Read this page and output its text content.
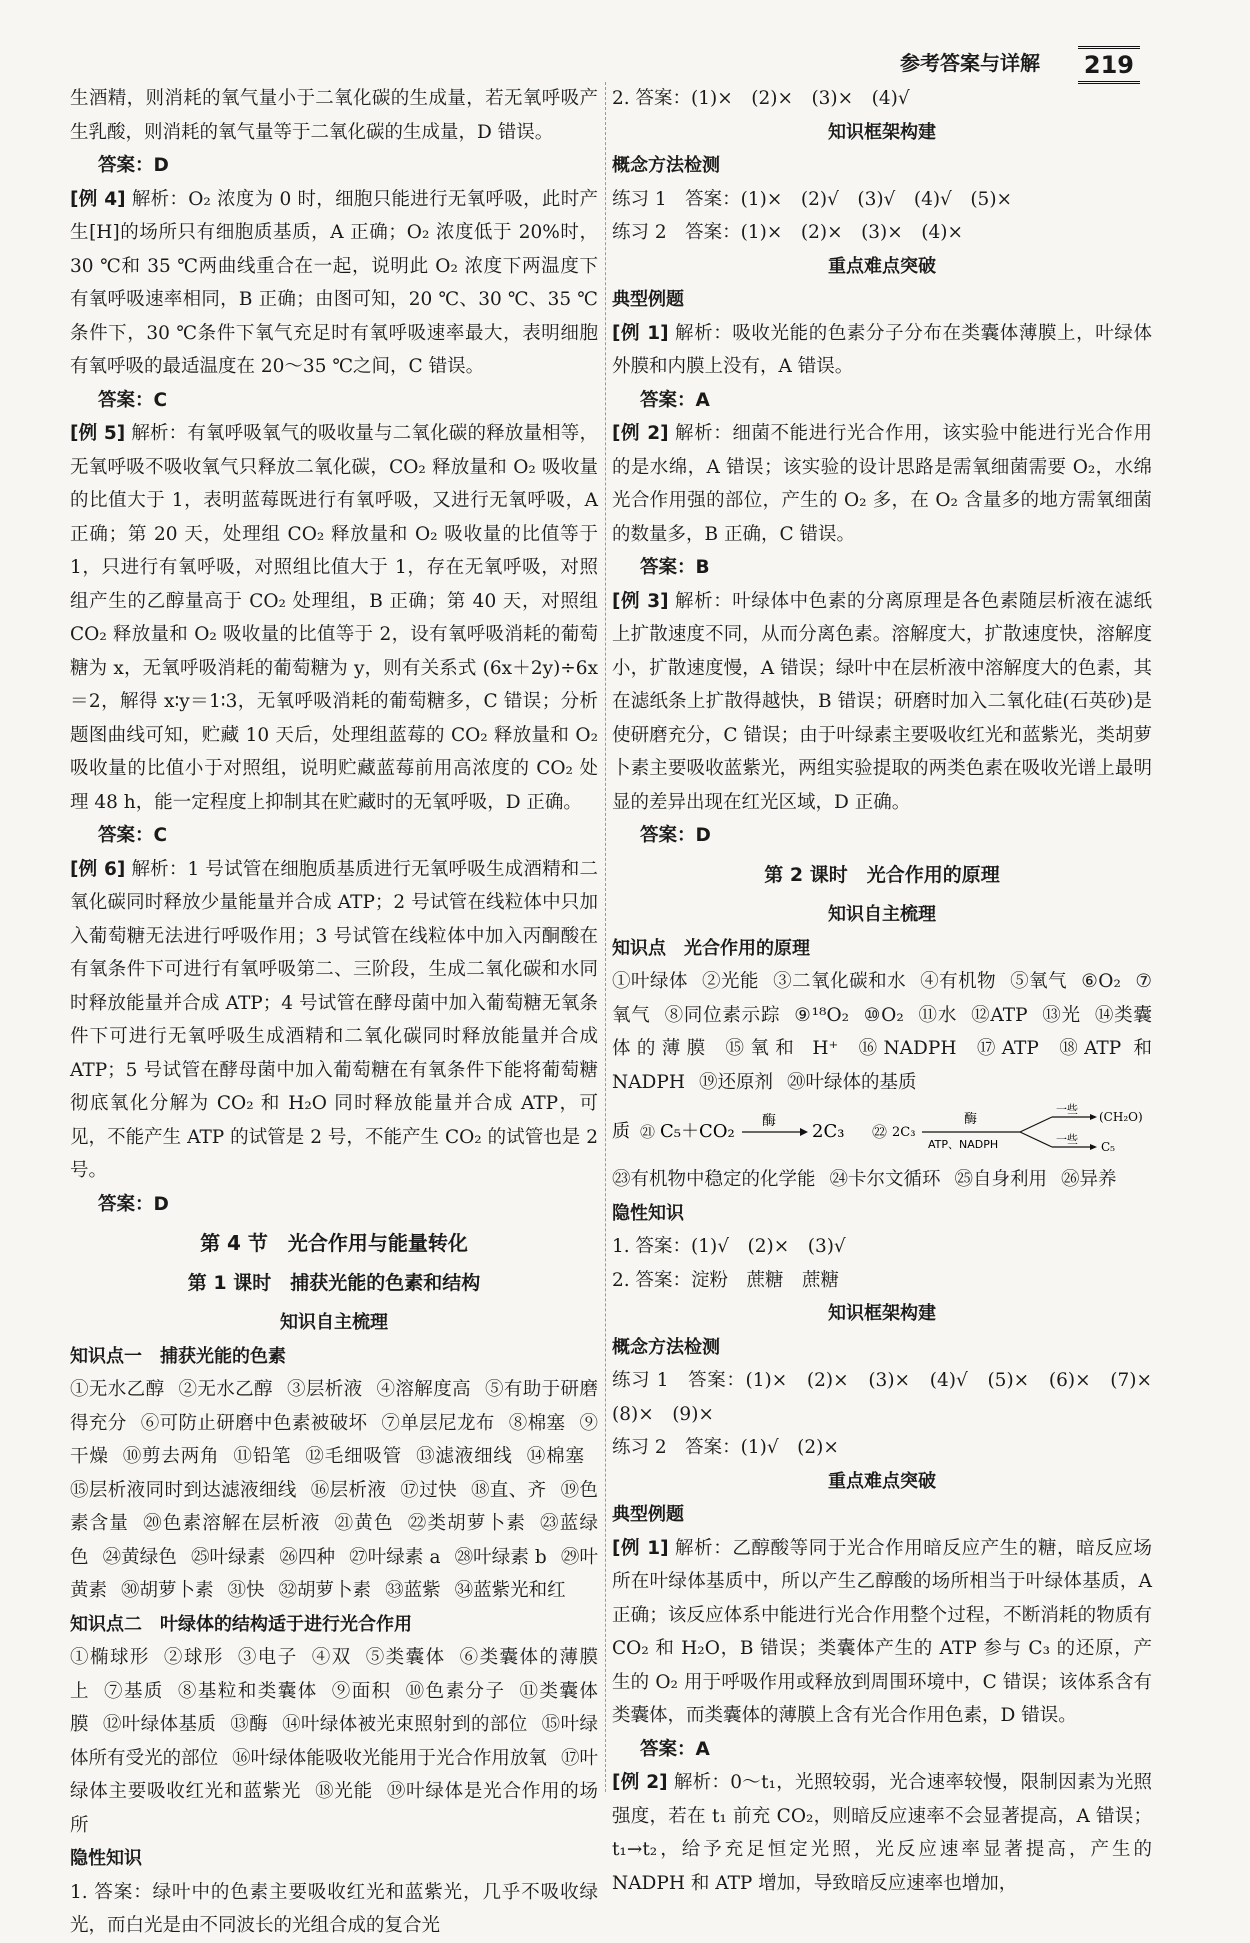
参考答案与详解 219

生酒精，则消耗的氧气量小于二氧化碳的生成量，若无氧呼吸产生乳酸，则消耗的氧气量等于二氧化碳的生成量，D 错误。

答案：D

[例 4] 解析：O₂ 浓度为 0 时，细胞只能进行无氧呼吸，此时产生[H]的场所只有细胞质基质，A 正确；O₂ 浓度低于 20%时，30 ℃和 35 ℃两曲线重合在一起，说明此 O₂ 浓度下两温度下有氧呼吸速率相同，B 正确；由图可知，20 ℃、30 ℃、35 ℃条件下，30 ℃条件下氧气充足时有氧呼吸速率最大，表明细胞有氧呼吸的最适温度在 20～35 ℃之间，C 错误。

答案：C

[例 5] 解析：有氧呼吸氧气的吸收量与二氧化碳的释放量相等，无氧呼吸不吸收氧气只释放二氧化碳，CO₂ 释放量和 O₂ 吸收量的比值大于 1，表明蓝莓既进行有氧呼吸，又进行无氧呼吸，A 正确；第 20 天，处理组 CO₂ 释放量和 O₂ 吸收量的比值等于 1，只进行有氧呼吸，对照组比值大于 1，存在无氧呼吸，对照组产生的乙醇量高于 CO₂ 处理组，B 正确；第 40 天，对照组 CO₂ 释放量和 O₂ 吸收量的比值等于 2，设有氧呼吸消耗的葡萄糖为 x，无氧呼吸消耗的葡萄糖为 y，则有关系式 (6x＋2y)÷6x＝2，解得 x∶y＝1∶3，无氧呼吸消耗的葡萄糖多，C 错误；分析题图曲线可知，贮藏 10 天后，处理组蓝莓的 CO₂ 释放量和 O₂ 吸收量的比值小于对照组，说明贮藏蓝莓前用高浓度的 CO₂ 处理 48 h，能一定程度上抑制其在贮藏时的无氧呼吸，D 正确。

答案：C

[例 6] 解析：1 号试管在细胞质基质进行无氧呼吸生成酒精和二氧化碳同时释放少量能量并合成 ATP；2 号试管在线粒体中只加入葡萄糖无法进行呼吸作用；3 号试管在线粒体中加入丙酮酸在有氧条件下可进行有氧呼吸第二、三阶段，生成二氧化碳和水同时释放能量并合成 ATP；4 号试管在酵母菌中加入葡萄糖无氧条件下可进行无氧呼吸生成酒精和二氧化碳同时释放能量并合成 ATP；5 号试管在酵母菌中加入葡萄糖在有氧条件下能将葡萄糖彻底氧化分解为 CO₂ 和 H₂O 同时释放能量并合成 ATP，可见，不能产生 ATP 的试管是 2 号，不能产生 CO₂ 的试管也是 2 号。

答案：D

第 4 节　光合作用与能量转化

第 1 课时　捕获光能的色素和结构

知识自主梳理

知识点一　捕获光能的色素

①无水乙醇 ②无水乙醇 ③层析液 ④溶解度高 ⑤有助于研磨得充分 ⑥可防止研磨中色素被破坏 ⑦单层尼龙布 ⑧棉塞 ⑨干燥 ⑩剪去两角 ⑪铅笔 ⑫毛细吸管 ⑬滤液细线 ⑭棉塞⑮层析液同时到达滤液细线 ⑯层析液 ⑰过快 ⑱直、齐 ⑲色素含量 ⑳色素溶解在层析液 ㉑黄色 ㉒类胡萝卜素 ㉓蓝绿色 ㉔黄绿色 ㉕叶绿素 ㉖四种 ㉗叶绿素 a ㉘叶绿素 b ㉙叶黄素 ㉚胡萝卜素 ㉛快 ㉜胡萝卜素 ㉝蓝紫 ㉞蓝紫光和红

知识点二　叶绿体的结构适于进行光合作用

①椭球形 ②球形 ③电子 ④双 ⑤类囊体 ⑥类囊体的薄膜上 ⑦基质 ⑧基粒和类囊体 ⑨面积 ⑩色素分子 ⑪类囊体膜 ⑫叶绿体基质 ⑬酶 ⑭叶绿体被光束照射到的部位 ⑮叶绿体所有受光的部位 ⑯叶绿体能吸收光能用于光合作用放氧 ⑰叶绿体主要吸收红光和蓝紫光 ⑱光能 ⑲叶绿体是光合作用的场所

隐性知识

1. 答案：绿叶中的色素主要吸收红光和蓝紫光，几乎不吸收绿光，而白光是由不同波长的光组合成的复合光

2. 答案：(1)×　(2)×　(3)×　(4)√

知识框架构建

概念方法检测

练习 1　答案：(1)×　(2)√　(3)√　(4)√　(5)×

练习 2　答案：(1)×　(2)×　(3)×　(4)×

重点难点突破

典型例题

[例 1] 解析：吸收光能的色素分子分布在类囊体薄膜上，叶绿体外膜和内膜上没有，A 错误。

答案：A

[例 2] 解析：细菌不能进行光合作用，该实验中能进行光合作用的是水绵，A 错误；该实验的设计思路是需氧细菌需要 O₂，水绵光合作用强的部位，产生的 O₂ 多，在 O₂ 含量多的地方需氧细菌的数量多，B 正确，C 错误。

答案：B

[例 3] 解析：叶绿体中色素的分离原理是各色素随层析液在滤纸上扩散速度不同，从而分离色素。溶解度大，扩散速度快，溶解度小，扩散速度慢，A 错误；绿叶中在层析液中溶解度大的色素，其在滤纸条上扩散得越快，B 错误；研磨时加入二氧化硅(石英砂)是使研磨充分，C 错误；由于叶绿素主要吸收红光和蓝紫光，类胡萝卜素主要吸收蓝紫光，两组实验提取的两类色素在吸收光谱上最明显的差异出现在红光区域，D 正确。

答案：D

第 2 课时　光合作用的原理

知识自主梳理

知识点　光合作用的原理

①叶绿体 ②光能 ③二氧化碳和水 ④有机物 ⑤氧气 ⑥O₂ ⑦氧气 ⑧同位素示踪 ⑨¹⁸O₂ ⑩O₂ ⑪水 ⑫ATP ⑬光 ⑭类囊体的薄膜 ⑮氧和 H⁺ ⑯NADPH ⑰ATP ⑱ATP 和 NADPH ⑲还原剂 ⑳叶绿体的基质

质 ㉑ C₅＋CO₂ 酶 2C₃ ㉒ 2C₃
酶
ATP、NADPH
一些
一些
(CH₂O)
C₅

㉓有机物中稳定的化学能 ㉔卡尔文循环 ㉕自身利用 ㉖异养

隐性知识

1. 答案：(1)√　(2)×　(3)√

2. 答案：淀粉　蔗糖　蔗糖

知识框架构建

概念方法检测

练习 1　答案：(1)×　(2)×　(3)×　(4)√　(5)×　(6)×　(7)×　(8)×　(9)×

练习 2　答案：(1)√　(2)×

重点难点突破

典型例题

[例 1] 解析：乙醇酸等同于光合作用暗反应产生的糖，暗反应场所在叶绿体基质中，所以产生乙醇酸的场所相当于叶绿体基质，A 正确；该反应体系中能进行光合作用整个过程，不断消耗的物质有 CO₂ 和 H₂O，B 错误；类囊体产生的 ATP 参与 C₃ 的还原，产生的 O₂ 用于呼吸作用或释放到周围环境中，C 错误；该体系含有类囊体，而类囊体的薄膜上含有光合作用色素，D 错误。

答案：A

[例 2] 解析：0～t₁，光照较弱，光合速率较慢，限制因素为光照强度，若在 t₁ 前充 CO₂，则暗反应速率不会显著提高，A 错误；t₁→t₂，给予充足恒定光照，光反应速率显著提高，产生的 NADPH 和 ATP 增加，导致暗反应速率也增加，
